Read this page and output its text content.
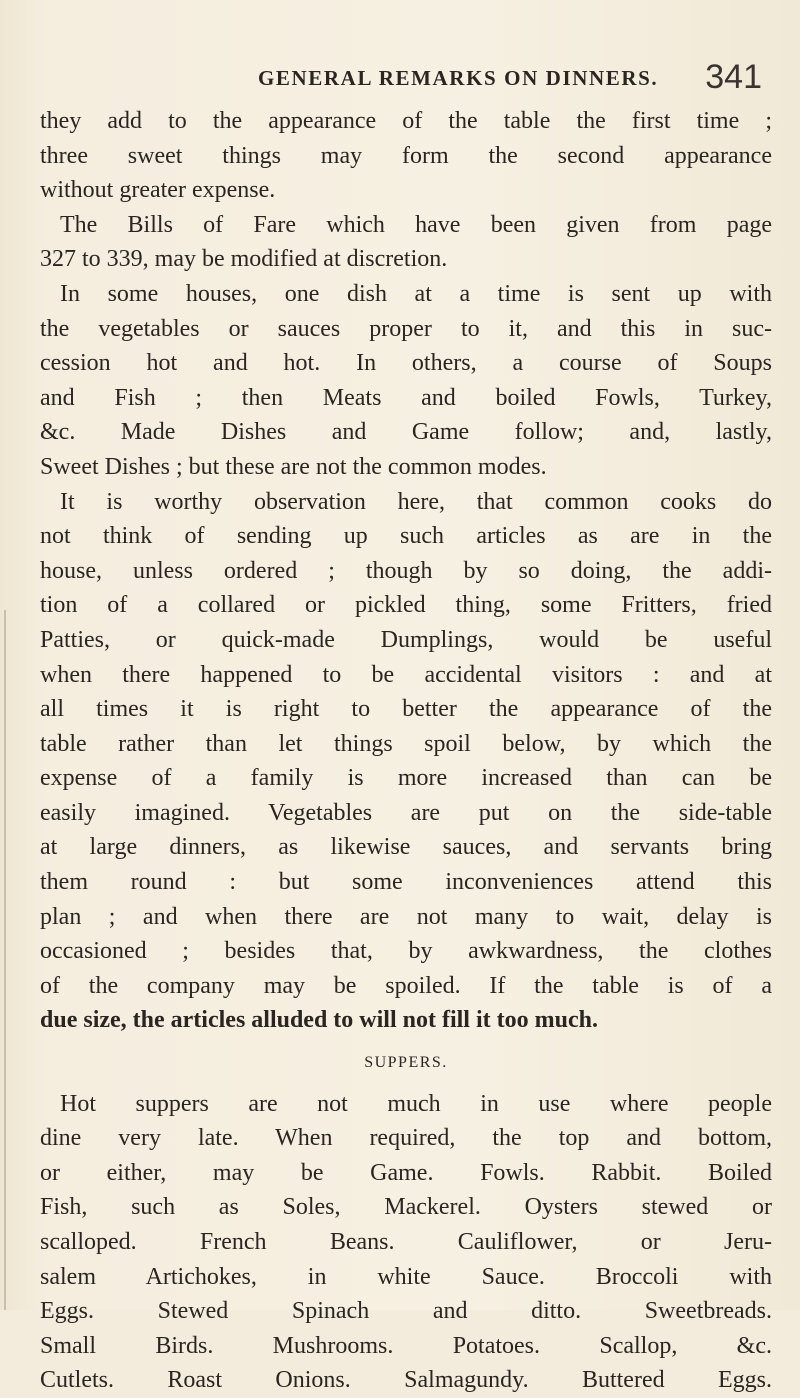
GENERAL REMARKS ON DINNERS. 341
they add to the appearance of the table the first time ;
three sweet things may form the second appearance
without greater expense.
The Bills of Fare which have been given from page
327 to 339, may be modified at discretion.
In some houses, one dish at a time is sent up with
the vegetables or sauces proper to it, and this in suc-
cession hot and hot. In others, a course of Soups
and Fish ; then Meats and boiled Fowls, Turkey,
&c. Made Dishes and Game follow; and, lastly,
Sweet Dishes ; but these are not the common modes.
It is worthy observation here, that common cooks do
not think of sending up such articles as are in the
house, unless ordered ; though by so doing, the addi-
tion of a collared or pickled thing, some Fritters, fried
Patties, or quick-made Dumplings, would be useful
when there happened to be accidental visitors : and at
all times it is right to better the appearance of the
table rather than let things spoil below, by which the
expense of a family is more increased than can be
easily imagined. Vegetables are put on the side-table
at large dinners, as likewise sauces, and servants bring
them round : but some inconveniences attend this
plan ; and when there are not many to wait, delay is
occasioned ; besides that, by awkwardness, the clothes
of the company may be spoiled. If the table is of a
due size, the articles alluded to will not fill it too much.
SUPPERS.
Hot suppers are not much in use where people
dine very late. When required, the top and bottom,
or either, may be Game. Fowls. Rabbit. Boiled
Fish, such as Soles, Mackerel. Oysters stewed or
scalloped. French Beans. Cauliflower, or Jeru-
salem Artichokes, in white Sauce. Broccoli with
Eggs. Stewed Spinach and ditto. Sweetbreads.
Small Birds. Mushrooms. Potatoes. Scallop, &c.
Cutlets. Roast Onions. Salmagundy. Buttered Eggs.
